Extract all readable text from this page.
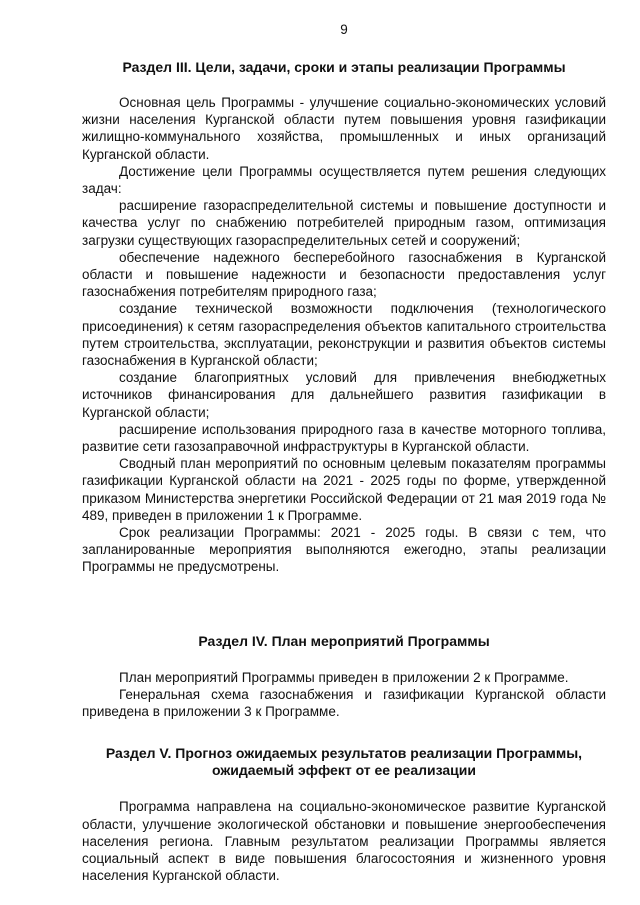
9
Раздел III. Цели, задачи, сроки и этапы реализации Программы

Основная цель Программы - улучшение социально-экономических условий жизни населения Курганской области путем повышения уровня газификации жилищно-коммунального хозяйства, промышленных и иных организаций Курганской области.

Достижение цели Программы осуществляется путем решения следующих задач:

расширение газораспределительной системы и повышение доступности и качества услуг по снабжению потребителей природным газом, оптимизация загрузки существующих газораспределительных сетей и сооружений;

обеспечение надежного бесперебойного газоснабжения в Курганской области и повышение надежности и безопасности предоставления услуг газоснабжения потребителям природного газа;

создание технической возможности подключения (технологического присоединения) к сетям газораспределения объектов капитального строительства путем строительства, эксплуатации, реконструкции и развития объектов системы газоснабжения в Курганской области;

создание благоприятных условий для привлечения внебюджетных источников финансирования для дальнейшего развития газификации в Курганской области;

расширение использования природного газа в качестве моторного топлива, развитие сети газозаправочной инфраструктуры в Курганской области.

Сводный план мероприятий по основным целевым показателям программы газификации Курганской области на 2021 - 2025 годы по форме, утвержденной приказом Министерства энергетики Российской Федерации от 21 мая 2019 года № 489, приведен в приложении 1 к Программе.

Срок реализации Программы: 2021 - 2025 годы. В связи с тем, что запланированные мероприятия выполняются ежегодно, этапы реализации Программы не предусмотрены.

Раздел IV. План мероприятий Программы

План мероприятий Программы приведен в приложении 2 к Программе.

Генеральная схема газоснабжения и газификации Курганской области приведена в приложении 3 к Программе.

Раздел V. Прогноз ожидаемых результатов реализации Программы,
ожидаемый эффект от ее реализации

Программа направлена на социально-экономическое развитие Курганской области, улучшение экологической обстановки и повышение энергообеспечения населения региона. Главным результатом реализации Программы является социальный аспект в виде повышения благосостояния и жизненного уровня населения Курганской области.
